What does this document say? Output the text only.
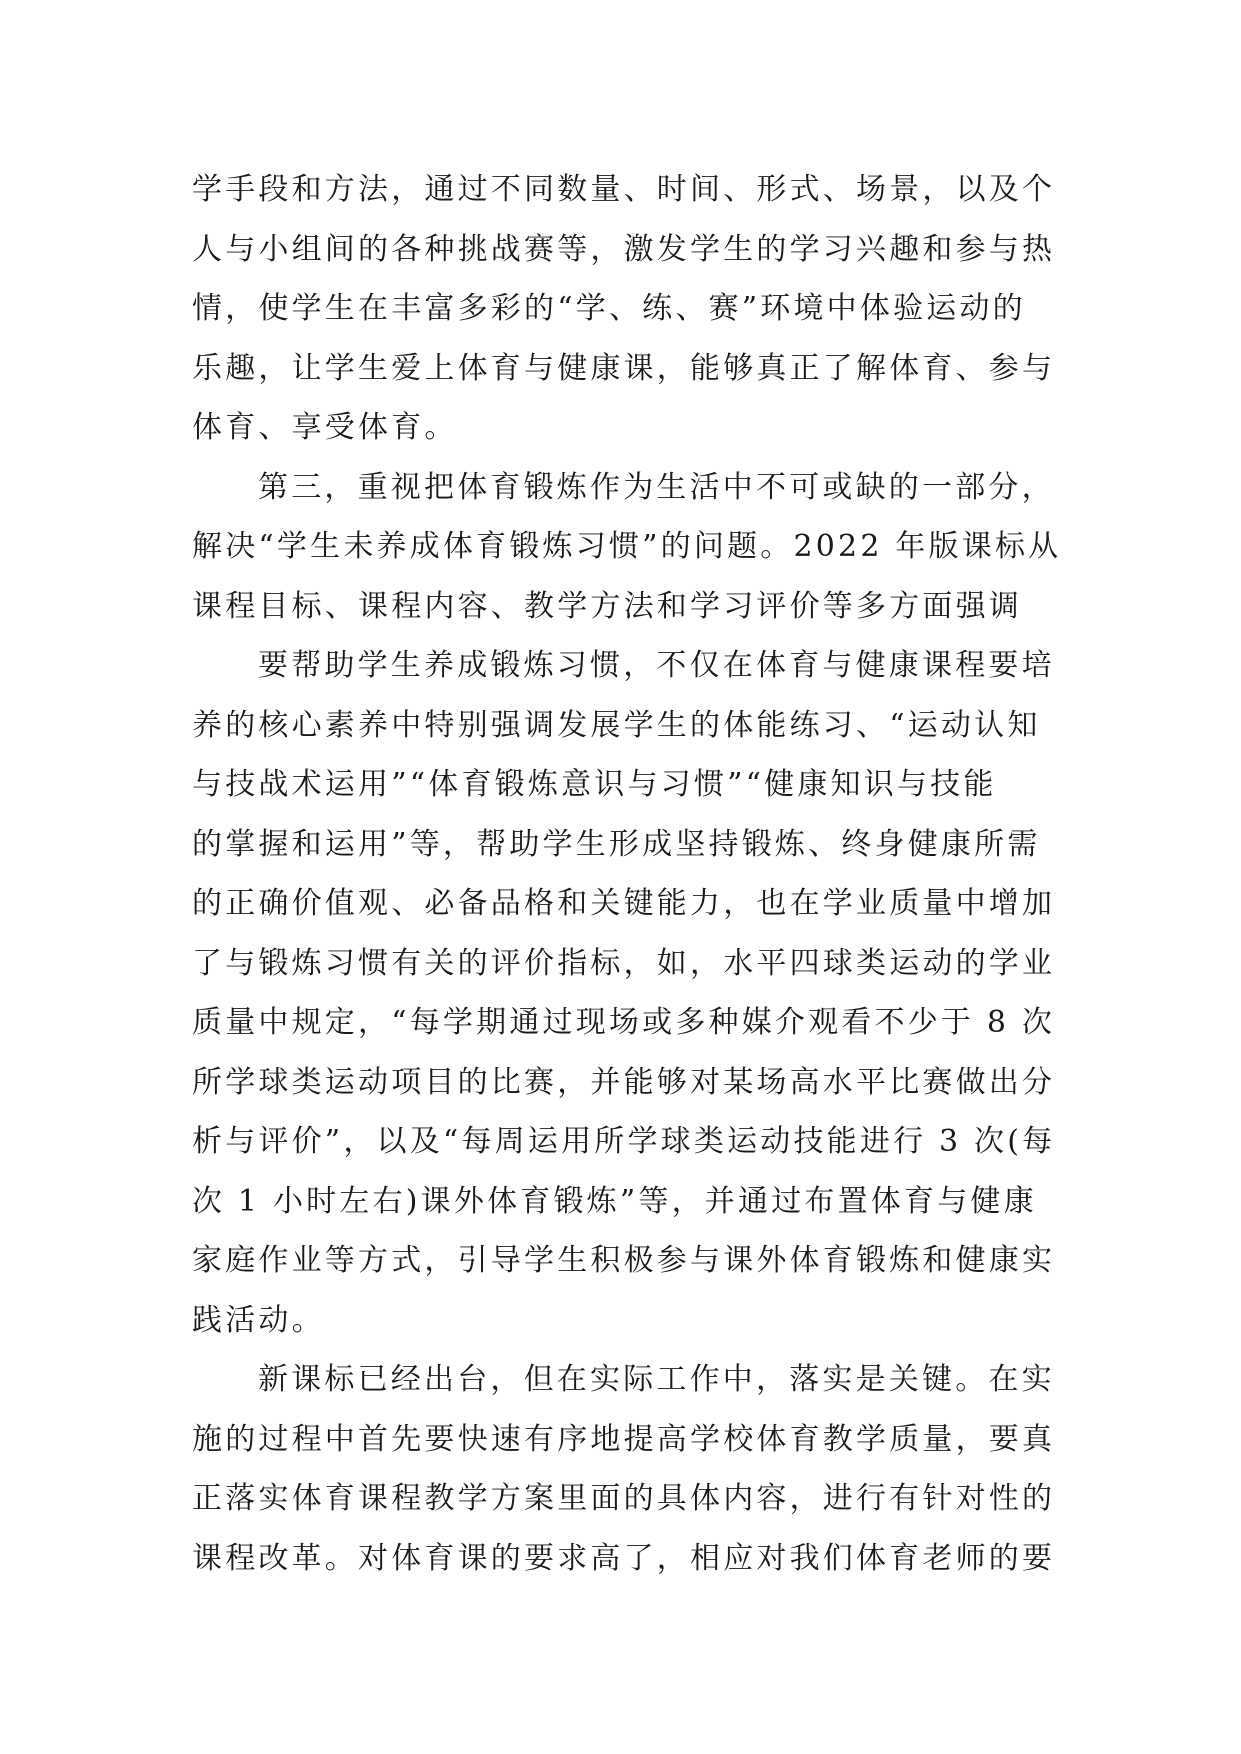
学手段和方法，通过不同数量、时间、形式、场景，以及个
人与小组间的各种挑战赛等，激发学生的学习兴趣和参与热
情，使学生在丰富多彩的“学、练、赛”环境中体验运动的
乐趣，让学生爱上体育与健康课，能够真正了解体育、参与
体育、享受体育。
第三，重视把体育锻炼作为生活中不可或缺的一部分，
解决“学生未养成体育锻炼习惯”的问题。2022 年版课标从
课程目标、课程内容、教学方法和学习评价等多方面强调
要帮助学生养成锻炼习惯，不仅在体育与健康课程要培
养的核心素养中特别强调发展学生的体能练习、“运动认知
与技战术运用”“体育锻炼意识与习惯”“健康知识与技能
的掌握和运用”等，帮助学生形成坚持锻炼、终身健康所需
的正确价值观、必备品格和关键能力，也在学业质量中增加
了与锻炼习惯有关的评价指标，如，水平四球类运动的学业
质量中规定，“每学期通过现场或多种媒介观看不少于 8 次
所学球类运动项目的比赛，并能够对某场高水平比赛做出分
析与评价”，以及“每周运用所学球类运动技能进行 3 次(每
次 1 小时左右)课外体育锻炼”等，并通过布置体育与健康
家庭作业等方式，引导学生积极参与课外体育锻炼和健康实
践活动。
新课标已经出台，但在实际工作中，落实是关键。在实
施的过程中首先要快速有序地提高学校体育教学质量，要真
正落实体育课程教学方案里面的具体内容，进行有针对性的
课程改革。对体育课的要求高了，相应对我们体育老师的要
